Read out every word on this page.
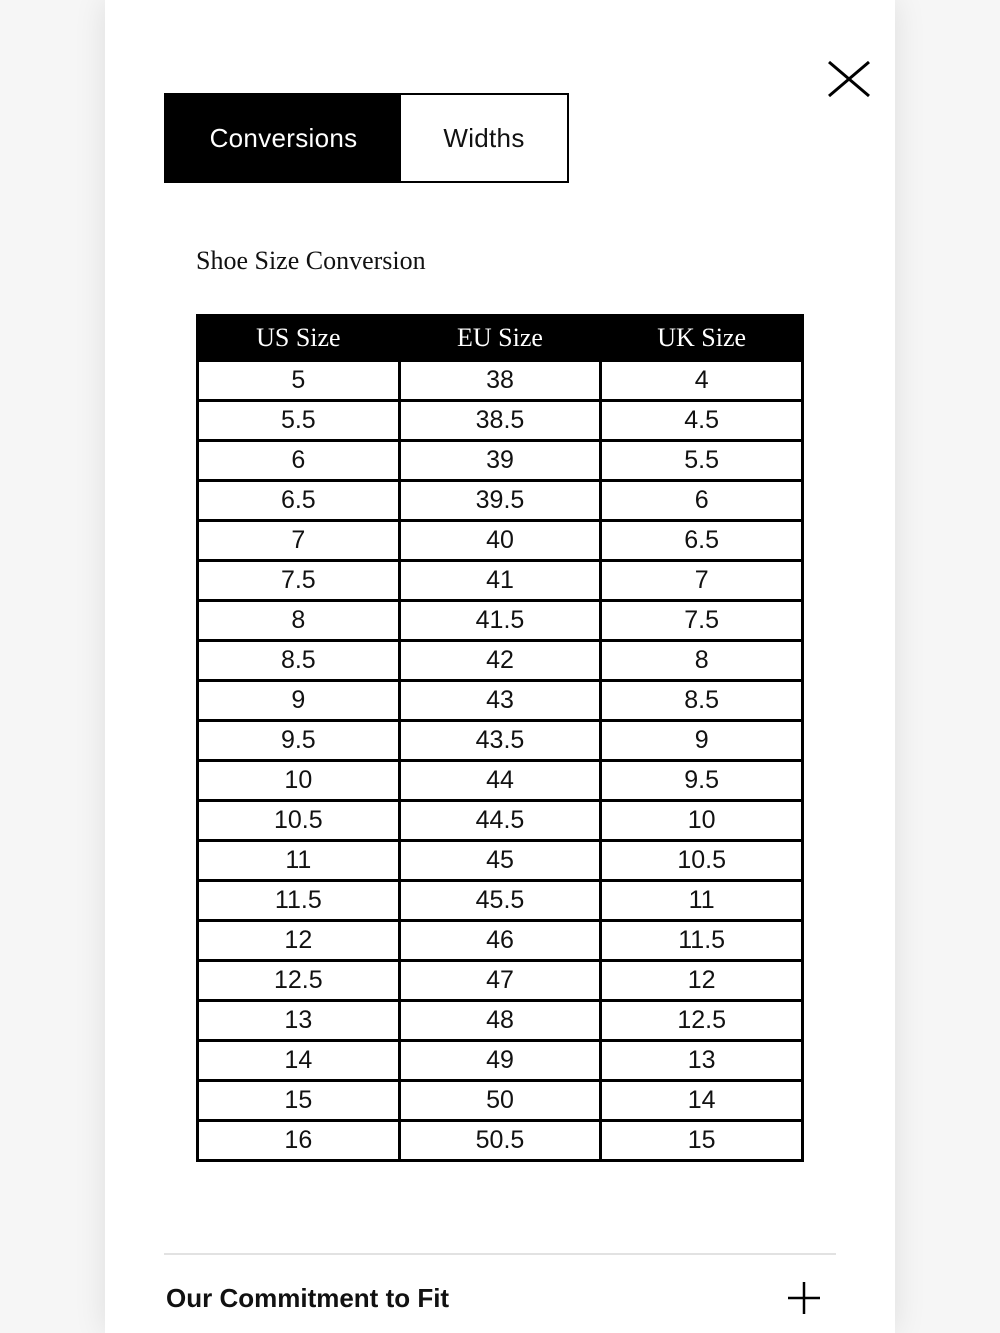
Conversions	Widths
Shoe Size Conversion
US Size	EU Size	UK Size
5	38	4
5.5	38.5	4.5
6	39	5.5
6.5	39.5	6
7	40	6.5
7.5	41	7
8	41.5	7.5
8.5	42	8
9	43	8.5
9.5	43.5	9
10	44	9.5
10.5	44.5	10
11	45	10.5
11.5	45.5	11
12	46	11.5
12.5	47	12
13	48	12.5
14	49	13
15	50	14
16	50.5	15
Our Commitment to Fit
